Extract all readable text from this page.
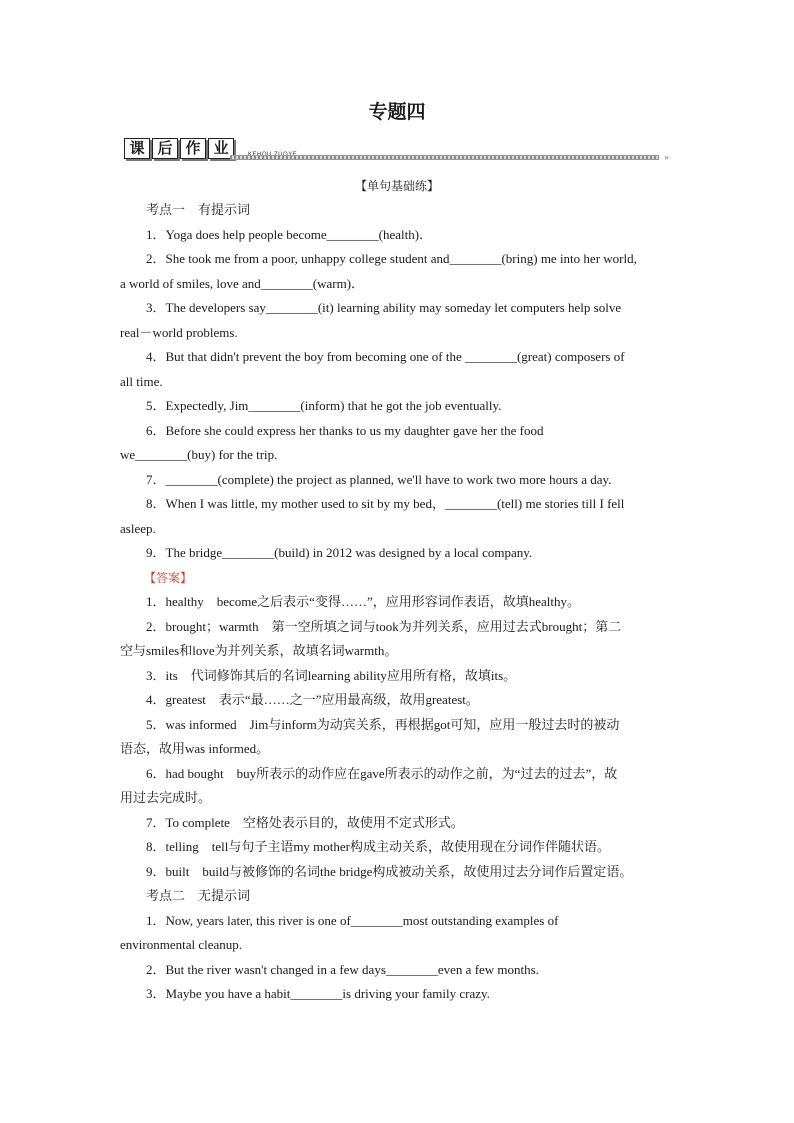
专题四
课 后 作 业
»
【单句基础练】
考点一　有提示词
1．Yoga does help people become________(health)．
2．She took me from a poor, unhappy college student and________(bring) me into her world,
a world of smiles, love and________(warm)．
3．The developers say________(it) learning ability may someday let computers help solve
real－world problems.
4．But that didn't prevent the boy from becoming one of the ________(great) composers of
all time.
5．Expectedly, Jim________(inform) that he got the job eventually.
6．Before she could express her thanks to us my daughter gave her the food
we________(buy) for the trip.
7．________(complete) the project as planned, we'll have to work two more hours a day.
8．When I was little, my mother used to sit by my bed，________(tell) me stories till I fell
asleep.
9．The bridge________(build) in 2012 was designed by a local company.
【答案】
1．healthy　become之后表示“变得……”，应用形容词作表语，故填healthy。
2．brought；warmth　第一空所填之词与took为并列关系，应用过去式brought；第二
空与smiles和love为并列关系，故填名词warmth。
3．its　代词修饰其后的名词learning ability应用所有格，故填its。
4．greatest　表示“最……之一”应用最高级，故用greatest。
5．was informed　Jim与inform为动宾关系，再根据got可知，应用一般过去时的被动
语态，故用was informed。
6．had bought　buy所表示的动作应在gave所表示的动作之前，为“过去的过去”，故
用过去完成时。
7．To complete　空格处表示目的，故使用不定式形式。
8．telling　tell与句子主语my mother构成主动关系，故使用现在分词作伴随状语。
9．built　build与被修饰的名词the bridge构成被动关系，故使用过去分词作后置定语。
考点二　无提示词
1．Now, years later, this river is one of________most outstanding examples of
environmental cleanup.
2．But the river wasn't changed in a few days________even a few months.
3．Maybe you have a habit________is driving your family crazy.
